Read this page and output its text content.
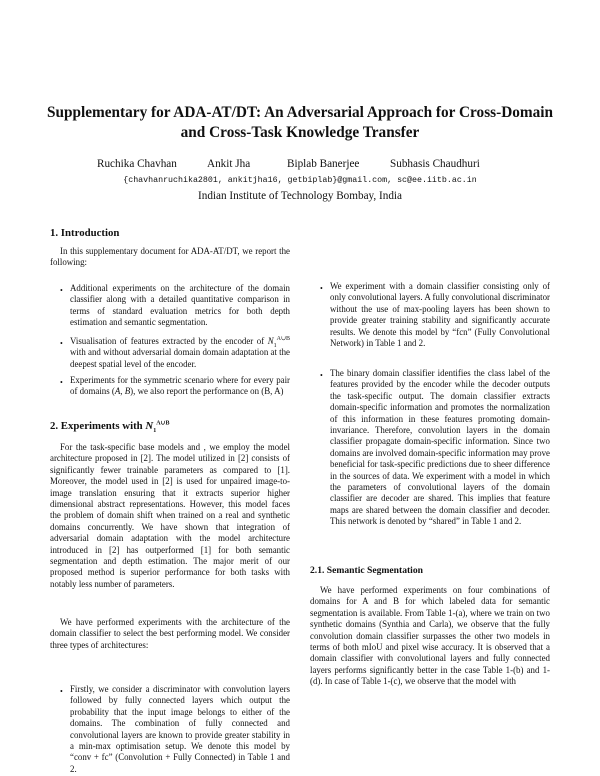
Supplementary for ADA-AT/DT: An Adversarial Approach for Cross-Domain
and Cross-Task Knowledge Transfer
Ruchika Chavhan	Ankit Jha	Biplab Banerjee	Subhasis Chaudhuri
{chavhanruchika2801, ankitjha16, getbiplab}@gmail.com, sc@ee.iitb.ac.in
Indian Institute of Technology Bombay, India
1. Introduction
In this supplementary document for ADA-AT/DT, we report the following:
• Additional experiments on the architecture of the domain classifier along with a detailed quantitative comparison in terms of standard evaluation metrics for both depth estimation and semantic segmentation.
• Visualisation of features extracted by the encoder of $N_1^{A\cup B}$ with and without adversarial domain domain adaptation at the deepest spatial level of the encoder.
• Experiments for the symmetric scenario where for every pair of domains (A, B), we also report the performance on (B, A)
2. Experiments with $N_1^{A\cup B}$
For the task-specific base models and , we employ the model architecture proposed in [2]. The model utilized in [2] consists of significantly fewer trainable parameters as compared to [1]. Moreover, the model used in [2] is used for unpaired image-to-image translation ensuring that it extracts superior higher dimensional abstract representations. However, this model faces the problem of domain shift when trained on a real and synthetic domains concurrently. We have shown that integration of adversarial domain adaptation with the model architecture introduced in [2] has outperformed [1] for both semantic segmentation and depth estimation. The major merit of our proposed method is superior performance for both tasks with notably less number of parameters.
We have performed experiments with the architecture of the domain classifier to select the best performing model. We consider three types of architectures:
• Firstly, we consider a discriminator with convolution layers followed by fully connected layers which output the probability that the input image belongs to either of the domains. The combination of fully connected and convolutional layers are known to provide greater stability in a min-max optimisation setup. We denote this model by “conv + fc” (Convolution + Fully Connected) in Table 1 and 2.
• We experiment with a domain classifier consisting only of only convolutional layers. A fully convolutional discriminator without the use of max-pooling layers has been shown to provide greater training stability and significantly accurate results. We denote this model by “fcn” (Fully Convolutional Network) in Table 1 and 2.
• The binary domain classifier identifies the class label of the features provided by the encoder while the decoder outputs the task-specific output. The domain classifier extracts domain-specific information and promotes the normalization of this information in these features promoting domain-invariance. Therefore, convolution layers in the domain classifier propagate domain-specific information. Since two domains are involved domain-specific information may prove beneficial for task-specific predictions due to sheer difference in the sources of data. We experiment with a model in which the parameters of convolutional layers of the domain classifier are decoder are shared. This implies that feature maps are shared between the domain classifier and decoder. This network is denoted by “shared” in Table 1 and 2.
2.1. Semantic Segmentation
We have performed experiments on four combinations of domains for A and B for which labeled data for semantic segmentation is available. From Table 1-(a), where we train on two synthetic domains (Synthia and Carla), we observe that the fully convolution domain classifier surpasses the other two models in terms of both mIoU and pixel wise accuracy. It is observed that a domain classifier with convolutional layers and fully connected layers performs significantly better in the case Table 1-(b) and 1-(d). In case of Table 1-(c), we observe that the model with
